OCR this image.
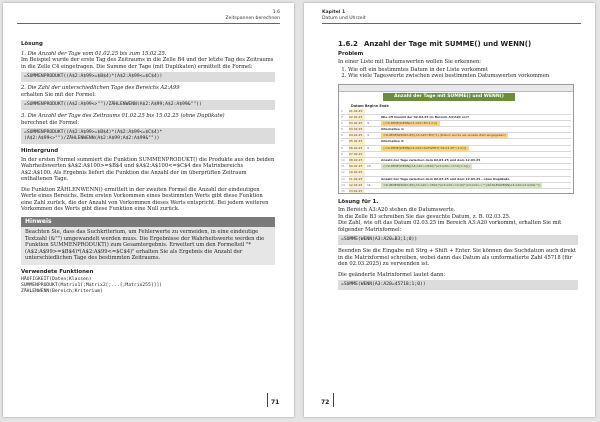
1.6
Zeitspannen berechnen
Lösung

1. Die Anzahl der Tage vom 01.02.25 bis zum 15.02.25.

Im Beispiel wurde der erste Tag des Zeitraums in die Zelle B4 und der letzte Tag des Zeitraums in die Zelle C4 eingetragen. Die Summe der Tage (mit Duplikaten) ermittelt die Formel:

=SUMMENPRODUKT((A$2:A$99>=$B$4)*(A$2:A$99<=$C$4))

2. Die Zahl der unterschiedlichen Tage des Bereichs A2:A99

erhalten Sie mit der Formel:

=SUMMENPRODUKT((A$2:A$99<>"")/ZÄHLENWENN(A$2:A$99;A$2:A$99&""))

3. Die Anzahl der Tage des Zeitraums 01.02.25 bis 15.02.25 (ohne Duplikate)

berechnet die Formel:

=SUMMENPRODUKT((A$2:A$99>=$B$4)*(A$2:A$99<=$C$4)*
(A$2:A$99<>"")/ZÄHLENWENN(A$2:A$99;A$2:A$99&""))
Hintergrund

In der ersten Formel summiert die Funktion SUMMENPRODUKT() die Produkte aus den beiden Wahrheitswerten $A$2:A$100>=$B$4 und $A$2:A$100<=$C$4 des Matrixbereichs A$2:A$100. Als Ergebnis liefert die Funktion die Anzahl der im überprüften Zeitraum enthaltenen Tage.

Die Funktion ZÄHLENWENN() ermittelt in der zweiten Formel die Anzahl der eindeutigen Werte eines Bereichs. Beim ersten Vorkommen eines bestimmten Werts gibt diese Funktion eine Zahl zurück, die der Anzahl von Vorkommen dieses Werts entspricht. Bei jedem weiteren Vorkommen des Werts gibt diese Funktion eine Null zurück.

Hinweis
Beachten Sie, dass das Suchkriterium, um Fehlerwerte zu vermeiden, in eine eindeutige Textzahl (&"") umgewandelt werden muss. Die Ergebnisse der Wahrheitswerte werden die Funktion SUMMENPRODUKT() zum Gesamtergebnis. Erweitert um den Formelteil "*(A$2:A$99>=$B$4)*(A$2:A$99<=$C$4)" erhalten Sie als Ergebnis die Anzahl der unterschiedlichen Tage des bestimmten Zeitraums.
Verwendete Funktionen
HÄUFIGKEIT(Daten;Klassen)
SUMMENPRODUKT(Matrix1[;Matrix2[;...[;Matrix255]]])
ZÄHLENWENN(Bereich;Kriterium)
71
Kapitel 1
Datum und Uhrzeit
1.6.2 Anzahl der Tage mit SUMME() und WENN()
Problem

In einer Liste mit Datumswerten wollen Sie erkennen:

1. Wie oft ein bestimmtes Datum in der Liste vorkommt
2. Wie viele Tageswerte zwischen zwei bestimmten Datumswerten vorkommen
Anzahl der Tage mit SUMME() und WENN()
Datum Beginn Ende
2	01.02.25
3	02.02.25	Wie oft kommt der 02.03.25 im Bereich A3:A20 vor?
4	03.02.25	3	{=SUMME(WENN(A3:A20=B3;1;0))}
5	03.02.25	Alternative 1:
6	04.02.25	3	=SUMMENPRODUKT((A3:A20=B3)*1) (Datum wurde als serielle Zahl eingegeben)
7	05.02.25	Alternative 2:
8	06.02.25	3	{=SUMME(WENN(A3:A20=DATWERT("02.03.25");1;0))}
9	07.02.25
10	08.02.25	Anzahl der Tage zwischen dem 02.03.25 und dem 12.03.25
11	09.02.25	15	{=SUMME(WENN((A3:A20>=B10)*(A3:A20<=C10);1;0))}
12	10.02.25
13	11.02.25	Anzahl der Tage zwischen dem 02.03.25 und dem 12.03.25 - ohne Duplikate
14	12.02.25	11	=SUMMENPRODUKT((A3:A20>=B10)*(A3:A20<=C10)*(A3:A20<>"")/ZÄHLENWENN(A3:A20;A3:A20&""))
15	13.02.25
Lösung für 1.

Im Bereich A3:A20 stehen die Datumswerte.

In die Zelle B3 schreiben Sie das gesuchte Datum, z. B. 02.03.25.

Die Zahl, wie oft das Datum 02.03.25 im Bereich A3:A20 vorkommt, erhalten Sie mit folgender Matrixformel:

=SUMME(WENN(A3:A20=B3;1;0))

Beenden Sie die Eingabe mit Strg + Shift + Enter. Sie können das Suchdatum auch direkt in die Matrixformel schreiben, wobei dann das Datum als umformatierte Zahl 45718 (für den 02.03.2025) zu verwenden ist.

Die geänderte Matrixformel lautet dann:

=SUMME(WENN(A3:A20=45718;1;0))
72
